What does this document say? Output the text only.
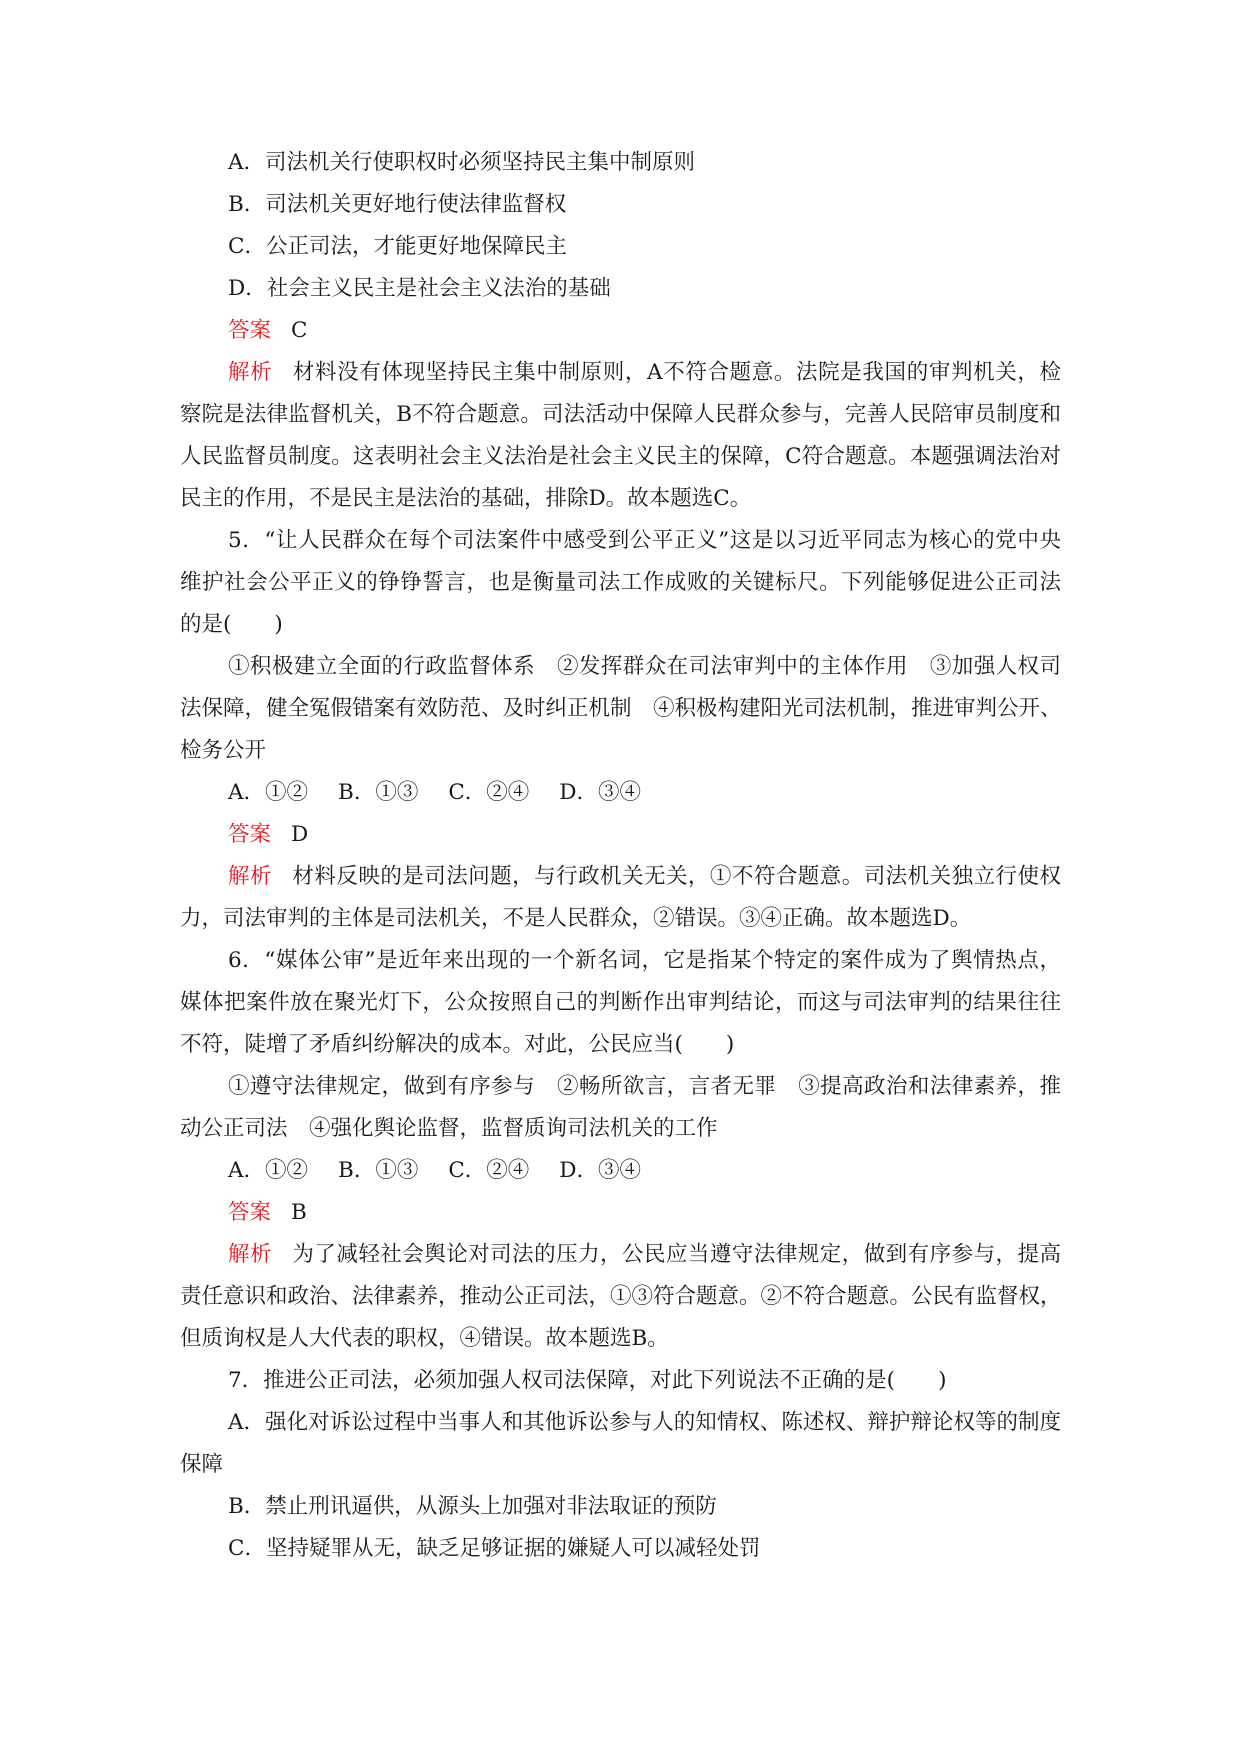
A．司法机关行使职权时必须坚持民主集中制原则
B．司法机关更好地行使法律监督权
C．公正司法，才能更好地保障民主
D．社会主义民主是社会主义法治的基础
答案 C
解析 材料没有体现坚持民主集中制原则，A不符合题意。法院是我国的审判机关，检
察院是法律监督机关，B不符合题意。司法活动中保障人民群众参与，完善人民陪审员制度和
人民监督员制度。这表明社会主义法治是社会主义民主的保障，C符合题意。本题强调法治对
民主的作用，不是民主是法治的基础，排除D。故本题选C。
5．“让人民群众在每个司法案件中感受到公平正义”这是以习近平同志为核心的党中央
维护社会公平正义的铮铮誓言，也是衡量司法工作成败的关键标尺。下列能够促进公正司法
的是(　　)
①积极建立全面的行政监督体系　②发挥群众在司法审判中的主体作用　③加强人权司
法保障，健全冤假错案有效防范、及时纠正机制　④积极构建阳光司法机制，推进审判公开、
检务公开
A．①② B．①③ C．②④ D．③④
答案 D
解析 材料反映的是司法问题，与行政机关无关，①不符合题意。司法机关独立行使权
力，司法审判的主体是司法机关，不是人民群众，②错误。③④正确。故本题选D。
6．“媒体公审”是近年来出现的一个新名词，它是指某个特定的案件成为了舆情热点，
媒体把案件放在聚光灯下，公众按照自己的判断作出审判结论，而这与司法审判的结果往往
不符，陡增了矛盾纠纷解决的成本。对此，公民应当(　　)
①遵守法律规定，做到有序参与　②畅所欲言，言者无罪　③提高政治和法律素养，推
动公正司法　④强化舆论监督，监督质询司法机关的工作
A．①② B．①③ C．②④ D．③④
答案 B
解析 为了减轻社会舆论对司法的压力，公民应当遵守法律规定，做到有序参与，提高
责任意识和政治、法律素养，推动公正司法，①③符合题意。②不符合题意。公民有监督权，
但质询权是人大代表的职权，④错误。故本题选B。
7．推进公正司法，必须加强人权司法保障，对此下列说法不正确的是(　　)
A．强化对诉讼过程中当事人和其他诉讼参与人的知情权、陈述权、辩护辩论权等的制度
保障
B．禁止刑讯逼供，从源头上加强对非法取证的预防
C．坚持疑罪从无，缺乏足够证据的嫌疑人可以减轻处罚
